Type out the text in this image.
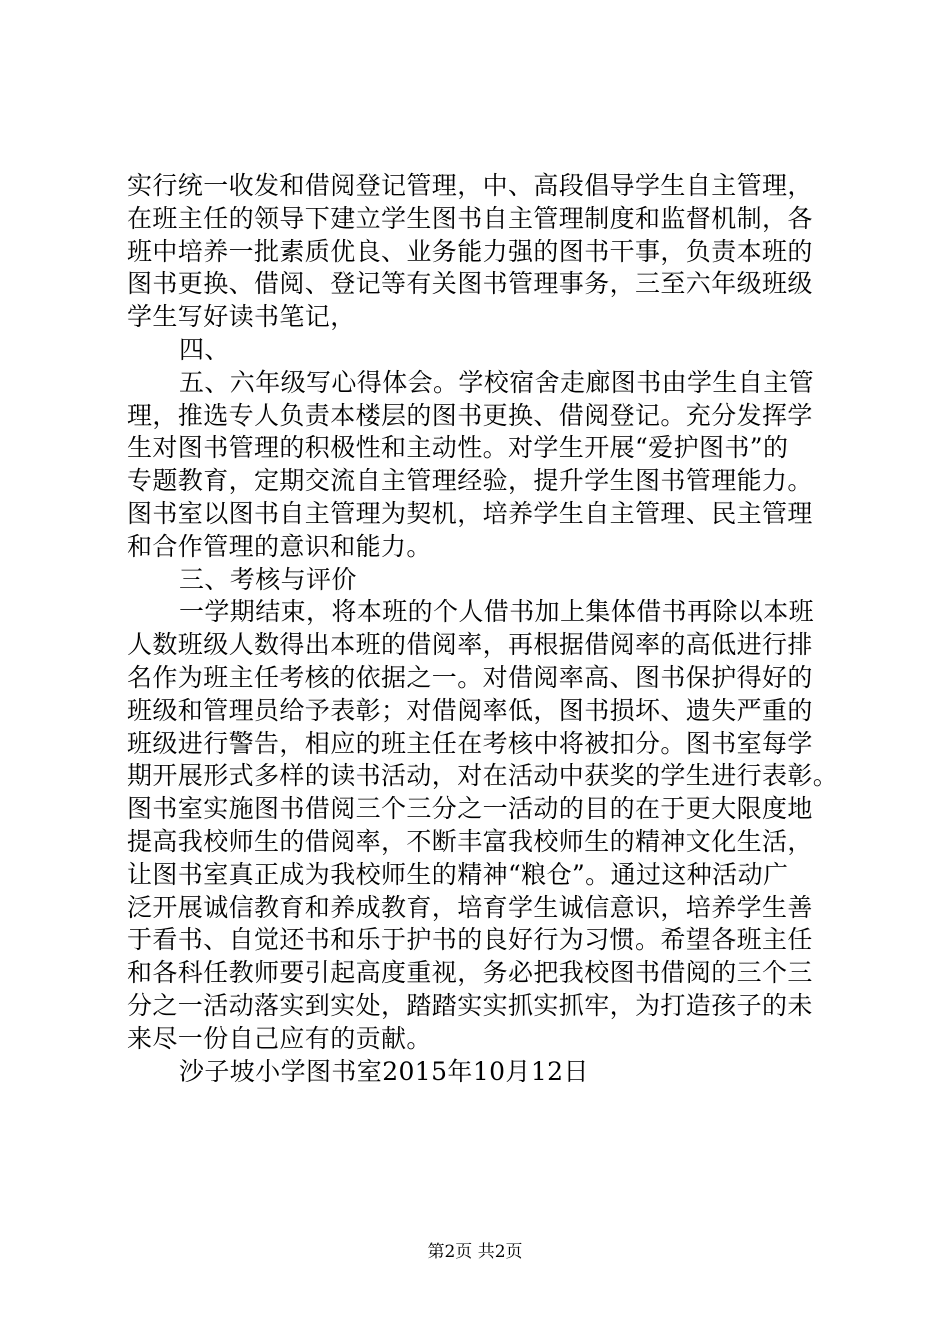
实行统一收发和借阅登记管理，中、高段倡导学生自主管理，
在班主任的领导下建立学生图书自主管理制度和监督机制，各
班中培养一批素质优良、业务能力强的图书干事，负责本班的
图书更换、借阅、登记等有关图书管理事务，三至六年级班级
学生写好读书笔记，
四、
五、六年级写心得体会。学校宿舍走廊图书由学生自主管
理，推选专人负责本楼层的图书更换、借阅登记。充分发挥学
生对图书管理的积极性和主动性。对学生开展“爱护图书”的
专题教育，定期交流自主管理经验，提升学生图书管理能力。
图书室以图书自主管理为契机，培养学生自主管理、民主管理
和合作管理的意识和能力。
三、考核与评价
一学期结束，将本班的个人借书加上集体借书再除以本班
人数班级人数得出本班的借阅率，再根据借阅率的高低进行排
名作为班主任考核的依据之一。对借阅率高、图书保护得好的
班级和管理员给予表彰；对借阅率低，图书损坏、遗失严重的
班级进行警告，相应的班主任在考核中将被扣分。图书室每学
期开展形式多样的读书活动，对在活动中获奖的学生进行表彰。
图书室实施图书借阅三个三分之一活动的目的在于更大限度地
提高我校师生的借阅率，不断丰富我校师生的精神文化生活，
让图书室真正成为我校师生的精神“粮仓”。通过这种活动广
泛开展诚信教育和养成教育，培育学生诚信意识，培养学生善
于看书、自觉还书和乐于护书的良好行为习惯。希望各班主任
和各科任教师要引起高度重视，务必把我校图书借阅的三个三
分之一活动落实到实处，踏踏实实抓实抓牢，为打造孩子的未
来尽一份自己应有的贡献。
沙子坡小学图书室2015年10月12日
第2页 共2页
